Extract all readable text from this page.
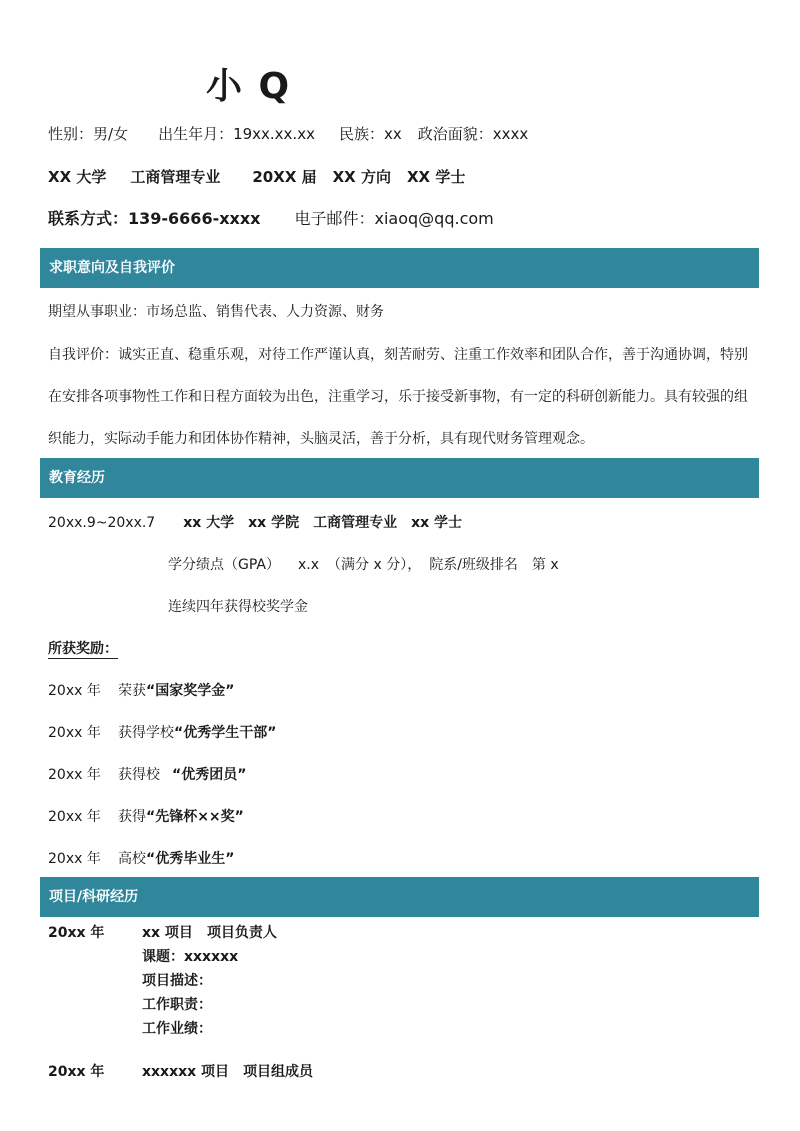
小 Q
性别：男/女 出生年月：19xx.xx.xx 民族：xx 政治面貌：xxxx
XX 大学 工商管理专业 20XX 届 XX 方向 XX 学士
联系方式：139-6666-xxxx 电子邮件：xiaoq@qq.com
求职意向及自我评价
期望从事职业：市场总监、销售代表、人力资源、财务
自我评价：诚实正直、稳重乐观，对待工作严谨认真，刻苦耐劳、注重工作效率和团队合作，善于沟通协调，特别
在安排各项事物性工作和日程方面较为出色，注重学习，乐于接受新事物，有一定的科研创新能力。具有较强的组
织能力，实际动手能力和团体协作精神，头脑灵活，善于分析，具有现代财务管理观念。
教育经历
20xx.9~20xx.7 xx 大学 xx 学院 工商管理专业 xx 学士
学分绩点（GPA） x.x （满分 x 分）， 院系/班级排名 第 x
连续四年获得校奖学金
所获奖励：
20xx 年 荣获“国家奖学金”
20xx 年 获得学校“优秀学生干部”
20xx 年 获得校 “优秀团员”
20xx 年 获得“先锋杯××奖”
20xx 年 高校“优秀毕业生”
项目/科研经历
20xx 年	xx 项目 项目负责人
课题：xxxxxx
项目描述：
工作职责：
工作业绩：
20xx 年	xxxxxx 项目 项目组成员
